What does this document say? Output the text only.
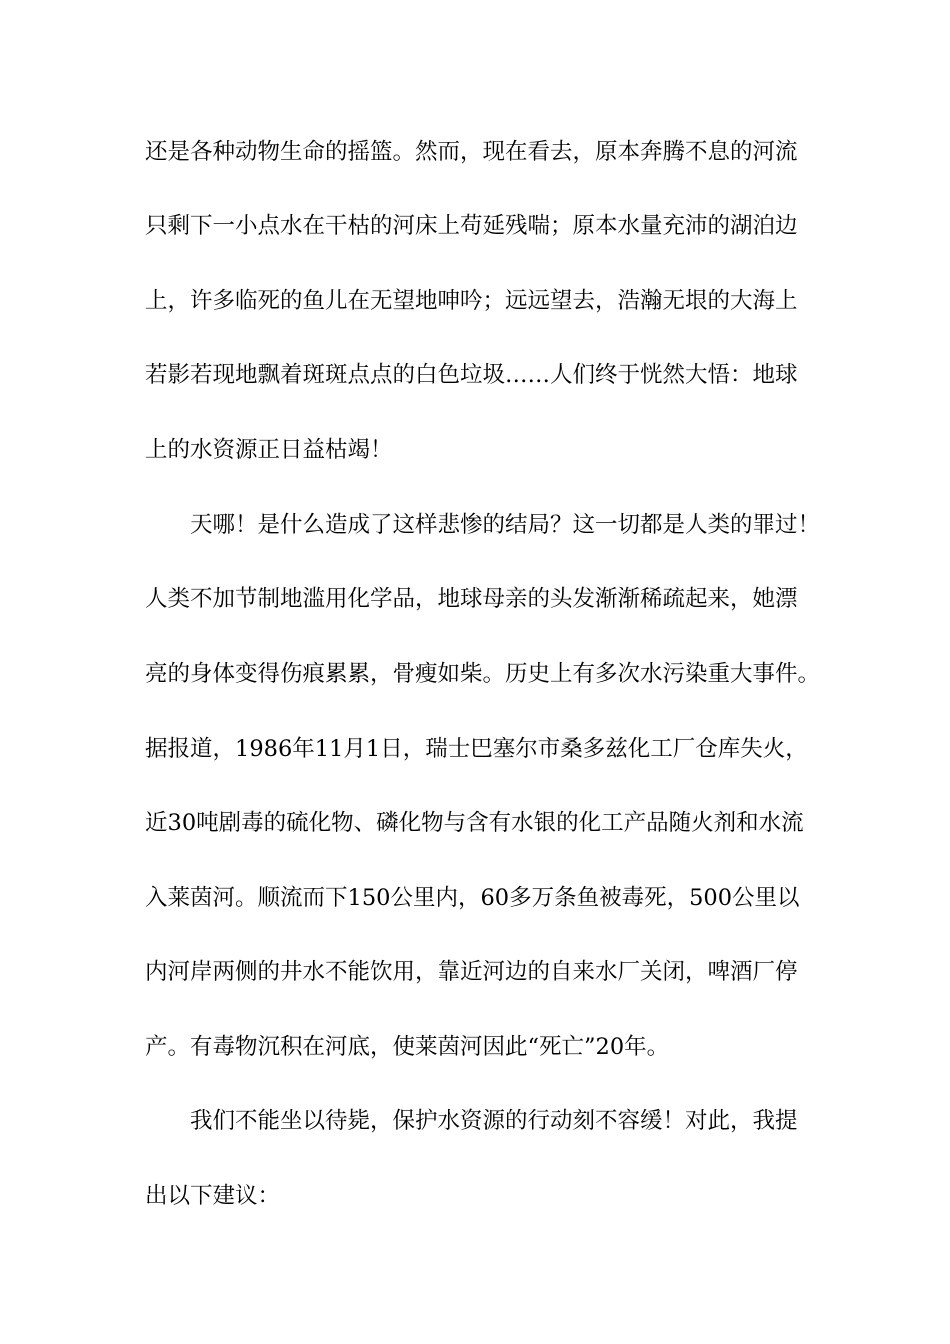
还是各种动物生命的摇篮。然而，现在看去，原本奔腾不息的河流

只剩下一小点水在干枯的河床上苟延残喘；原本水量充沛的湖泊边

上，许多临死的鱼儿在无望地呻吟；远远望去，浩瀚无垠的大海上

若影若现地飘着斑斑点点的白色垃圾……人们终于恍然大悟：地球

上的水资源正日益枯竭！

天哪！是什么造成了这样悲惨的结局？这一切都是人类的罪过！

人类不加节制地滥用化学品，地球母亲的头发渐渐稀疏起来，她漂

亮的身体变得伤痕累累，骨瘦如柴。历史上有多次水污染重大事件。

据报道，1986年11月1日，瑞士巴塞尔市桑多兹化工厂仓库失火，

近30吨剧毒的硫化物、磷化物与含有水银的化工产品随火剂和水流

入莱茵河。顺流而下150公里内，60多万条鱼被毒死，500公里以

内河岸两侧的井水不能饮用，靠近河边的自来水厂关闭，啤酒厂停

产。有毒物沉积在河底，使莱茵河因此“死亡”20年。

我们不能坐以待毙，保护水资源的行动刻不容缓！对此，我提

出以下建议：
